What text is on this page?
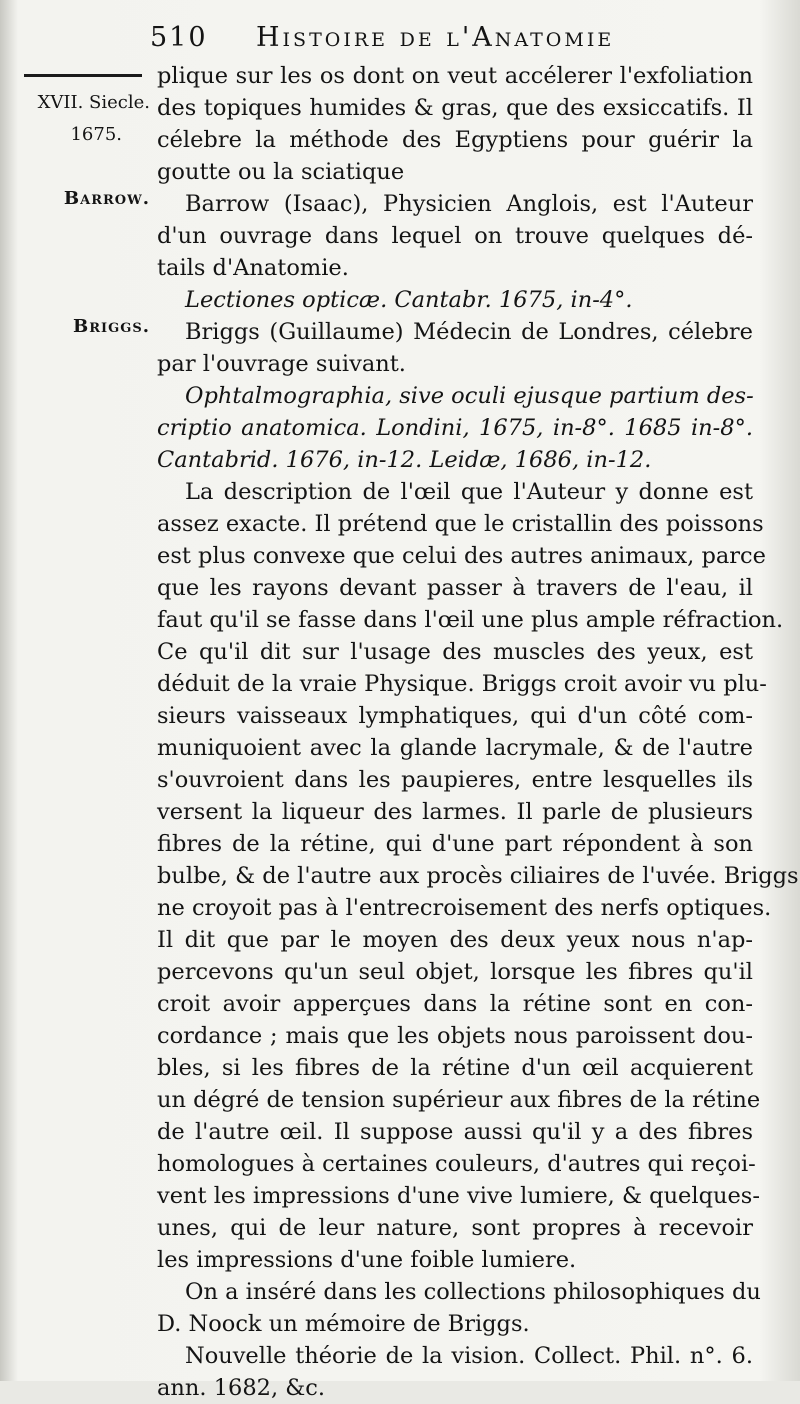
510 Histoire de l'Anatomie
XVII. Siecle.
1675.
Barrow.
Briggs.
plique sur les os dont on veut accélerer l'exfoliation
des topiques humides & gras, que des exsiccatifs. Il
célebre la méthode des Egyptiens pour guérir la
goutte ou la sciatique
Barrow (Isaac), Physicien Anglois, est l'Auteur
d'un ouvrage dans lequel on trouve quelques dé-
tails d'Anatomie.
Lectiones opticæ. Cantabr. 1675, in-4°.
Briggs (Guillaume) Médecin de Londres, célebre
par l'ouvrage suivant.
Ophtalmographia, sive oculi ejusque partium des-
criptio anatomica. Londini, 1675, in-8°. 1685 in-8°.
Cantabrid. 1676, in-12. Leidæ, 1686, in-12.
La description de l'œil que l'Auteur y donne est
assez exacte. Il prétend que le cristallin des poissons
est plus convexe que celui des autres animaux, parce
que les rayons devant passer à travers de l'eau, il
faut qu'il se fasse dans l'œil une plus ample réfraction.
Ce qu'il dit sur l'usage des muscles des yeux, est
déduit de la vraie Physique. Briggs croit avoir vu plu-
sieurs vaisseaux lymphatiques, qui d'un côté com-
muniquoient avec la glande lacrymale, & de l'autre
s'ouvroient dans les paupieres, entre lesquelles ils
versent la liqueur des larmes. Il parle de plusieurs
fibres de la rétine, qui d'une part répondent à son
bulbe, & de l'autre aux procès ciliaires de l'uvée. Briggs
ne croyoit pas à l'entrecroisement des nerfs optiques.
Il dit que par le moyen des deux yeux nous n'ap-
percevons qu'un seul objet, lorsque les fibres qu'il
croit avoir apperçues dans la rétine sont en con-
cordance ; mais que les objets nous paroissent dou-
bles, si les fibres de la rétine d'un œil acquierent
un dégré de tension supérieur aux fibres de la rétine
de l'autre œil. Il suppose aussi qu'il y a des fibres
homologues à certaines couleurs, d'autres qui reçoi-
vent les impressions d'une vive lumiere, & quelques-
unes, qui de leur nature, sont propres à recevoir
les impressions d'une foible lumiere.
On a inséré dans les collections philosophiques du
D. Noock un mémoire de Briggs.
Nouvelle théorie de la vision. Collect. Phil. n°. 6.
ann. 1682, &c.
